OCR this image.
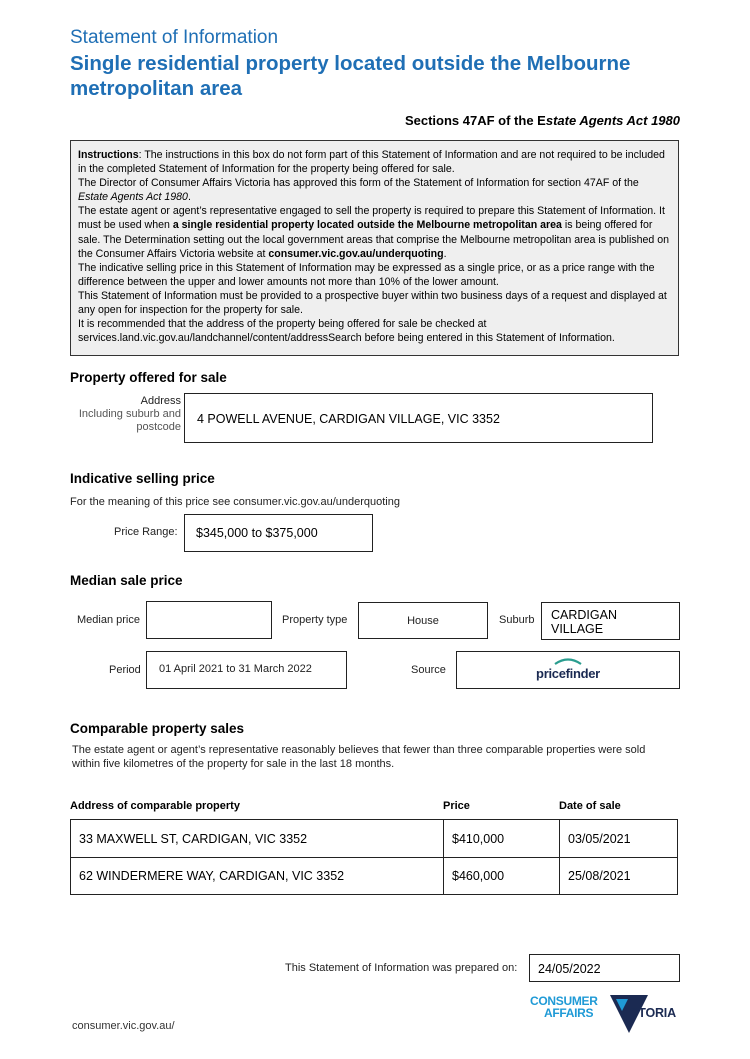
Statement of Information
Single residential property located outside the Melbourne metropolitan area
Sections 47AF of the Estate Agents Act 1980

Instructions: The instructions in this box do not form part of this Statement of Information and are not required to be included in the completed Statement of Information for the property being offered for sale.

The Director of Consumer Affairs Victoria has approved this form of the Statement of Information for section 47AF of the Estate Agents Act 1980.

The estate agent or agent’s representative engaged to sell the property is required to prepare this Statement of Information. It must be used when a single residential property located outside the Melbourne metropolitan area is being offered for sale. The Determination setting out the local government areas that comprise the Melbourne metropolitan area is published on the Consumer Affairs Victoria website at consumer.vic.gov.au/underquoting.

The indicative selling price in this Statement of Information may be expressed as a single price, or as a price range with the difference between the upper and lower amounts not more than 10% of the lower amount.

This Statement of Information must be provided to a prospective buyer within two business days of a request and displayed at any open for inspection for the property for sale.

It is recommended that the address of the property being offered for sale be checked at services.land.vic.gov.au/landchannel/content/addressSearch before being entered in this Statement of Information.

Property offered for sale
Address
Including suburb and
postcode
4 POWELL AVENUE, CARDIGAN VILLAGE, VIC 3352
Indicative selling price
For the meaning of this price see consumer.vic.gov.au/underquoting
Price Range:	$345,000 to $375,000
Median sale price
Median price	Property type	House	Suburb CARDIGAN
VILLAGE
Period	01 April 2021 to 31 March 2022	Source	pricefinder
Comparable property sales
The estate agent or agent’s representative reasonably believes that fewer than three comparable properties were sold within five kilometres of the property for sale in the last 18 months.
Address of comparable property	Price	Date of sale
33 MAXWELL ST, CARDIGAN, VIC 3352	$410,000	03/05/2021
62 WINDERMERE WAY, CARDIGAN, VIC 3352	$460,000	25/08/2021
This Statement of Information was prepared on:	24/05/2022
CONSUMER
AFFAIRS VICTORIA
consumer.vic.gov.au/
